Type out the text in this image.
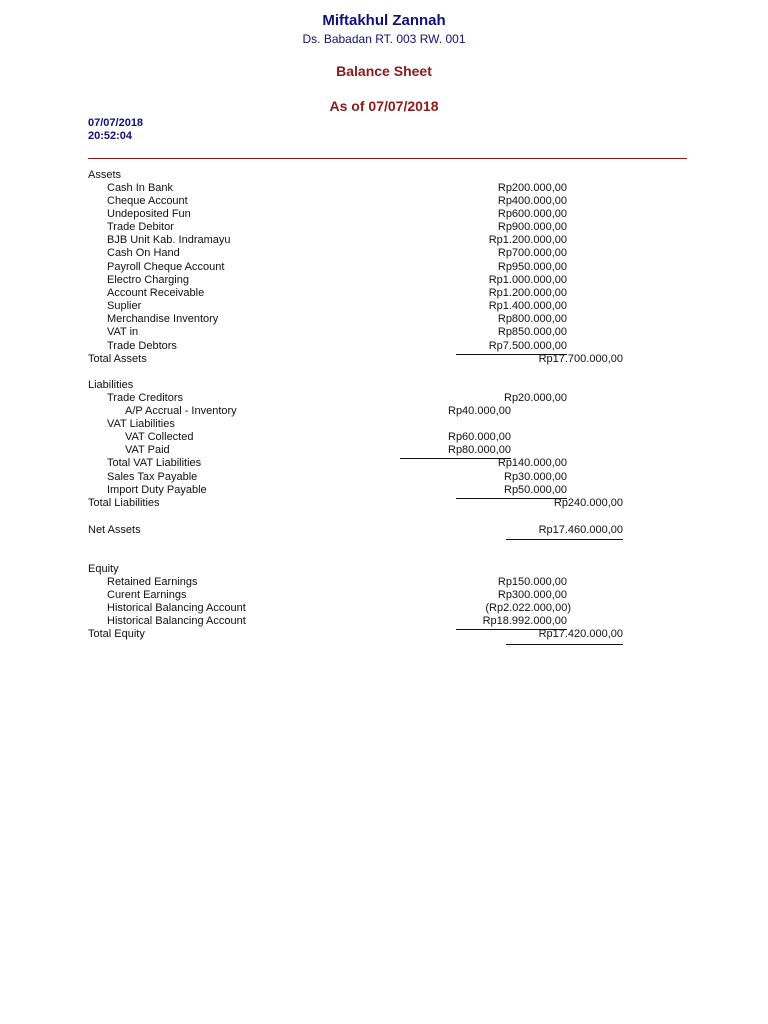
Miftakhul Zannah
Ds. Babadan RT. 003 RW. 001
Balance Sheet
As of 07/07/2018
07/07/2018
20:52:04
Assets
Cash In Bank	Rp200.000,00
Cheque Account	Rp400.000,00
Undeposited Fun	Rp600.000,00
Trade Debitor	Rp900.000,00
BJB Unit Kab. Indramayu	Rp1.200.000,00
Cash On Hand	Rp700.000,00
Payroll Cheque Account	Rp950.000,00
Electro Charging	Rp1.000.000,00
Account Receivable	Rp1.200.000,00
Suplier	Rp1.400.000,00
Merchandise Inventory	Rp800.000,00
VAT in	Rp850.000,00
Trade Debtors	Rp7.500.000,00
Total Assets	Rp17.700.000,00
Liabilities
Trade Creditors	Rp20.000,00
A/P Accrual - Inventory	Rp40.000,00
VAT Liabilities
VAT Collected	Rp60.000,00
VAT Paid	Rp80.000,00
Total VAT Liabilities	Rp140.000,00
Sales Tax Payable	Rp30.000,00
Import Duty Payable	Rp50.000,00
Total Liabilities	Rp240.000,00
Net Assets	Rp17.460.000,00
Equity
Retained Earnings	Rp150.000,00
Curent Earnings	Rp300.000,00
Historical Balancing Account	(Rp2.022.000,00)
Historical Balancing Account	Rp18.992.000,00
Total Equity	Rp17.420.000,00
